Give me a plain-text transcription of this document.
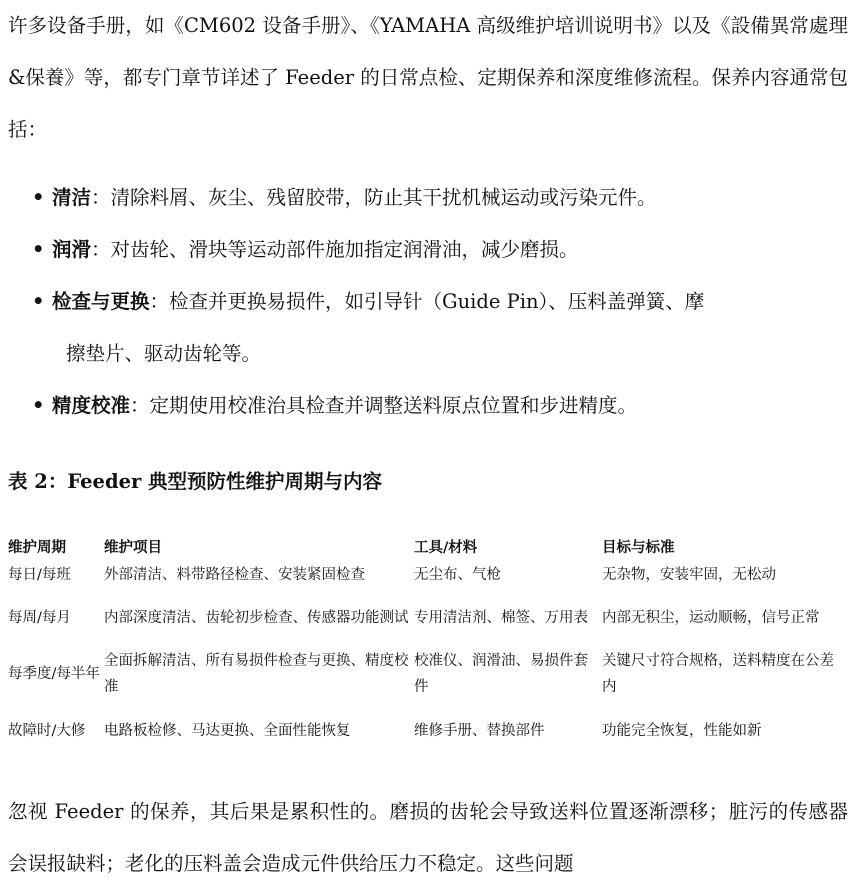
许多设备手册，如《CM602 设备手册》、《YAMAHA 高级维护培训说明书》以及《設備異常處理&保養》等，都专门章节详述了 Feeder 的日常点检、定期保养和深度维修流程。保养内容通常包括：

• 清洁：清除料屑、灰尘、残留胶带，防止其干扰机械运动或污染元件。
• 润滑：对齿轮、滑块等运动部件施加指定润滑油，减少磨损。
• 检查与更换：检查并更换易损件，如引导针（Guide Pin）、压料盖弹簧、摩
擦垫片、驱动齿轮等。
• 精度校准：定期使用校准治具检查并调整送料原点位置和步进精度。
表 2：Feeder 典型预防性维护周期与内容
维护周期	维护项目	工具/材料	目标与标准
每日/每班	外部清洁、料带路径检查、安装紧固检查	无尘布、气枪	无杂物，安装牢固，无松动
每周/每月	内部深度清洁、齿轮初步检查、传感器功能测试	专用清洁剂、棉签、万用表	内部无积尘，运动顺畅，信号正常
每季度/每半年	全面拆解清洁、所有易损件检查与更换、精度校准	校准仪、润滑油、易损件套件	关键尺寸符合规格，送料精度在公差内
故障时/大修	电路板检修、马达更换、全面性能恢复	维修手册、替换部件	功能完全恢复，性能如新

忽视 Feeder 的保养，其后果是累积性的。磨损的齿轮会导致送料位置逐渐漂移；脏污的传感器会误报缺料；老化的压料盖会造成元件供给压力不稳定。这些问题
